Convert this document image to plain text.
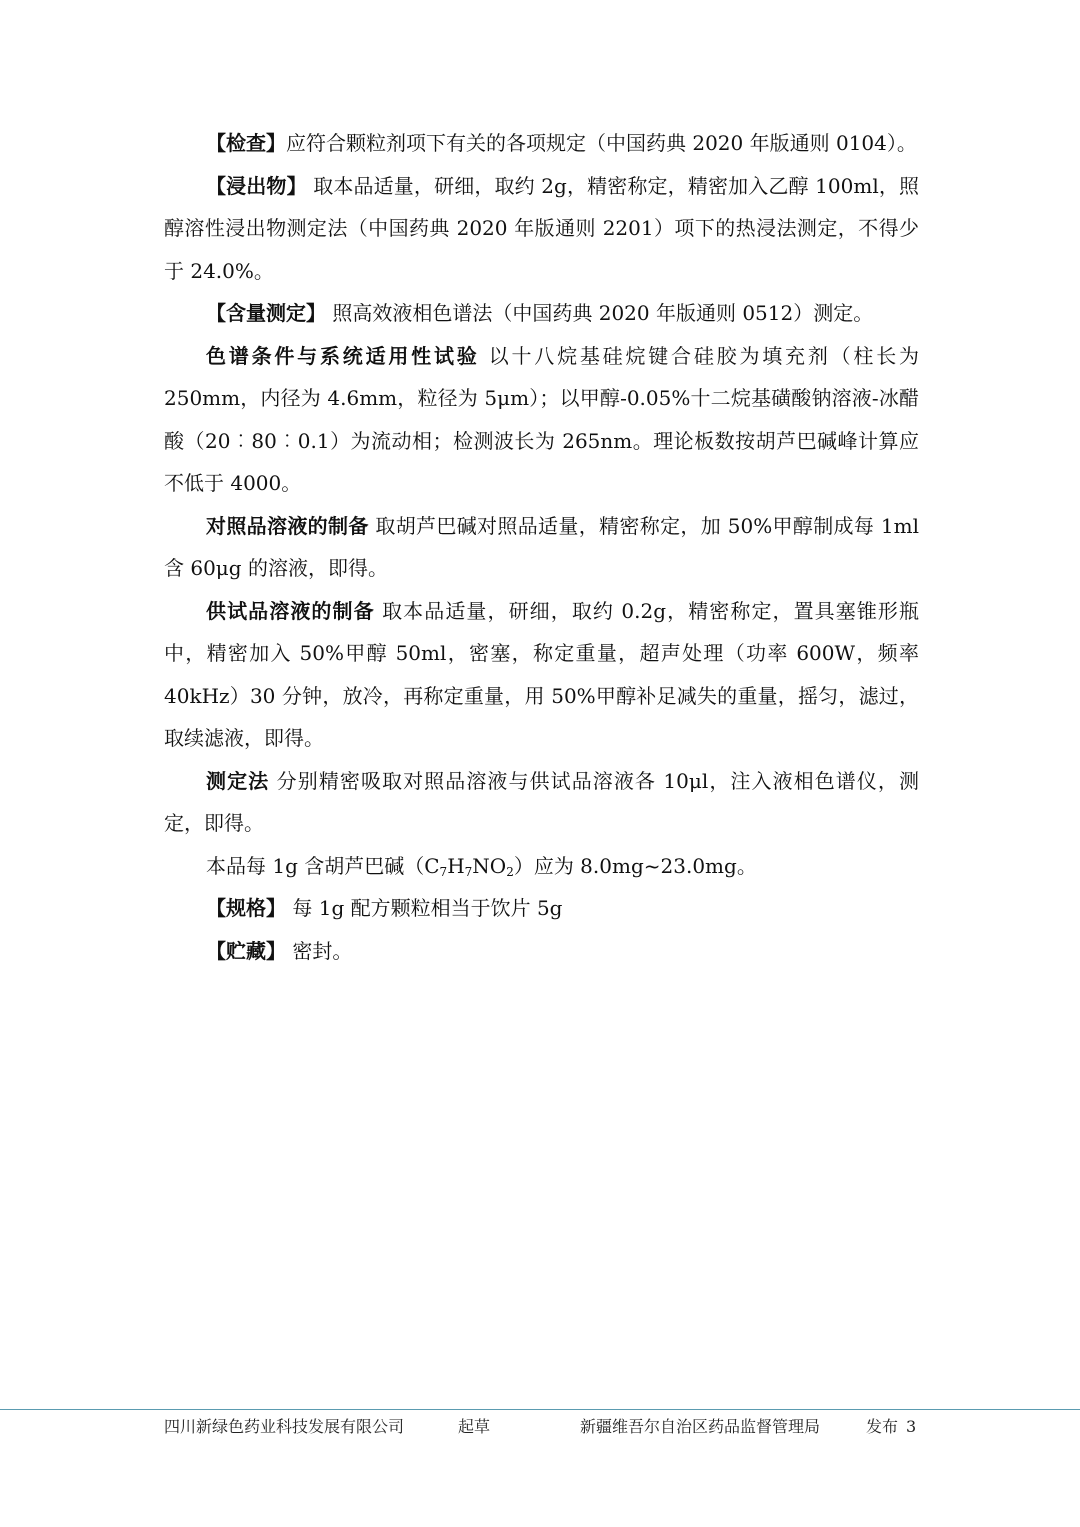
【检查】应符合颗粒剂项下有关的各项规定（中国药典 2020 年版通则 0104）。

【浸出物】 取本品适量，研细，取约 2g，精密称定，精密加入乙醇 100ml，照醇溶性浸出物测定法（中国药典 2020 年版通则 2201）项下的热浸法测定，不得少于 24.0%。

【含量测定】 照高效液相色谱法（中国药典 2020 年版通则 0512）测定。

色谱条件与系统适用性试验 以十八烷基硅烷键合硅胶为填充剂（柱长为 250mm，内径为 4.6mm，粒径为 5μm）；以甲醇-0.05%十二烷基磺酸钠溶液-冰醋酸（20︰80︰0.1）为流动相；检测波长为 265nm。理论板数按胡芦巴碱峰计算应不低于 4000。

对照品溶液的制备 取胡芦巴碱对照品适量，精密称定，加 50%甲醇制成每 1ml 含 60μg 的溶液，即得。

供试品溶液的制备 取本品适量，研细，取约 0.2g，精密称定，置具塞锥形瓶中，精密加入 50%甲醇 50ml，密塞，称定重量，超声处理（功率 600W，频率 40kHz）30 分钟，放冷，再称定重量，用 50%甲醇补足减失的重量，摇匀，滤过，取续滤液，即得。

测定法 分别精密吸取对照品溶液与供试品溶液各 10μl，注入液相色谱仪，测定，即得。

本品每 1g 含胡芦巴碱$(C_7H_7NO_2)$应为 8.0mg~23.0mg。

【规格】 每 1g 配方颗粒相当于饮片 5g

【贮藏】 密封。

四川新绿色药业科技发展有限公司	起草	新疆维吾尔自治区药品监督管理局	发布 3
